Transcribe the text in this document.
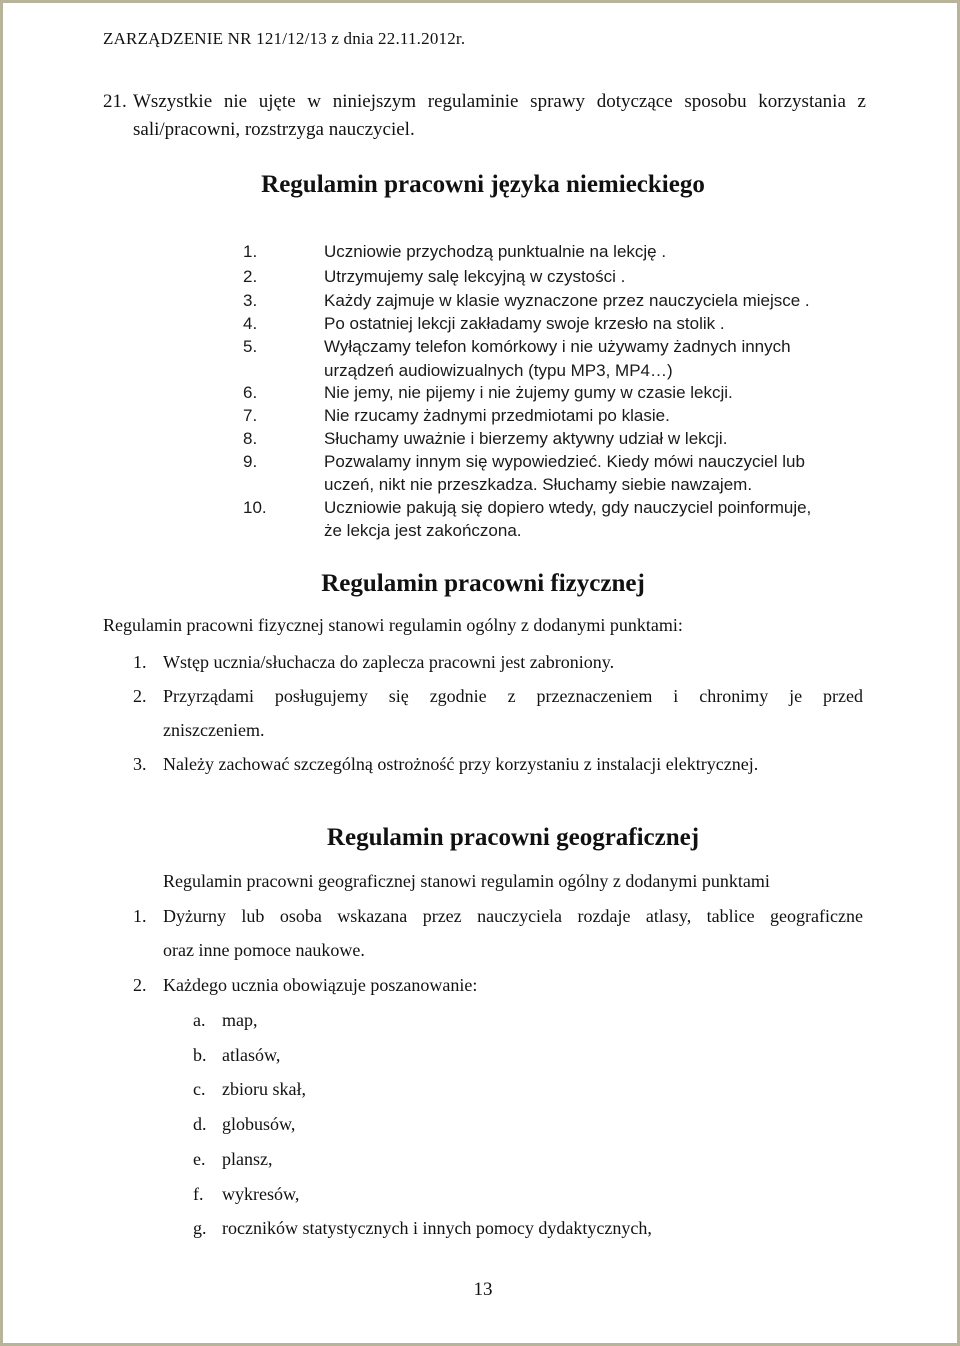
ZARZĄDZENIE NR 121/12/13 z dnia 22.11.2012r.
21. Wszystkie nie ujęte w niniejszym regulaminie sprawy dotyczące sposobu korzystania z
sali/pracowni, rozstrzyga nauczyciel.
Regulamin pracowni języka niemieckiego
1.	Uczniowie przychodzą punktualnie na lekcję .
2.	Utrzymujemy salę lekcyjną w czystości .
3.	Każdy zajmuje w klasie wyznaczone przez nauczyciela miejsce .
4.	Po ostatniej lekcji zakładamy swoje krzesło na stolik .
5.	Wyłączamy telefon komórkowy i nie używamy żadnych innych
urządzeń audiowizualnych (typu MP3, MP4…)
6.	Nie jemy, nie pijemy i nie żujemy gumy w czasie lekcji.
7.	Nie rzucamy żadnymi przedmiotami po klasie.
8.	Słuchamy uważnie i bierzemy aktywny udział w lekcji.
9.	Pozwalamy innym się wypowiedzieć. Kiedy mówi nauczyciel lub
uczeń, nikt nie przeszkadza. Słuchamy siebie nawzajem.
10.	Uczniowie pakują się dopiero wtedy, gdy nauczyciel poinformuje,
że lekcja jest zakończona.
Regulamin pracowni fizycznej
Regulamin pracowni fizycznej stanowi regulamin ogólny z dodanymi punktami:
1. Wstęp ucznia/słuchacza do zaplecza pracowni jest zabroniony.
2. Przyrządami posługujemy się zgodnie z przeznaczeniem i chronimy je przed
zniszczeniem.
3. Należy zachować szczególną ostrożność przy korzystaniu z instalacji elektrycznej.
Regulamin pracowni geograficznej
Regulamin pracowni geograficznej stanowi regulamin ogólny z dodanymi punktami
1. Dyżurny lub osoba wskazana przez nauczyciela rozdaje atlasy, tablice geograficzne
oraz inne pomoce naukowe.
2. Każdego ucznia obowiązuje poszanowanie:
a. map,
b. atlasów,
c. zbioru skał,
d. globusów,
e. plansz,
f. wykresów,
g. roczników statystycznych i innych pomocy dydaktycznych,
13
